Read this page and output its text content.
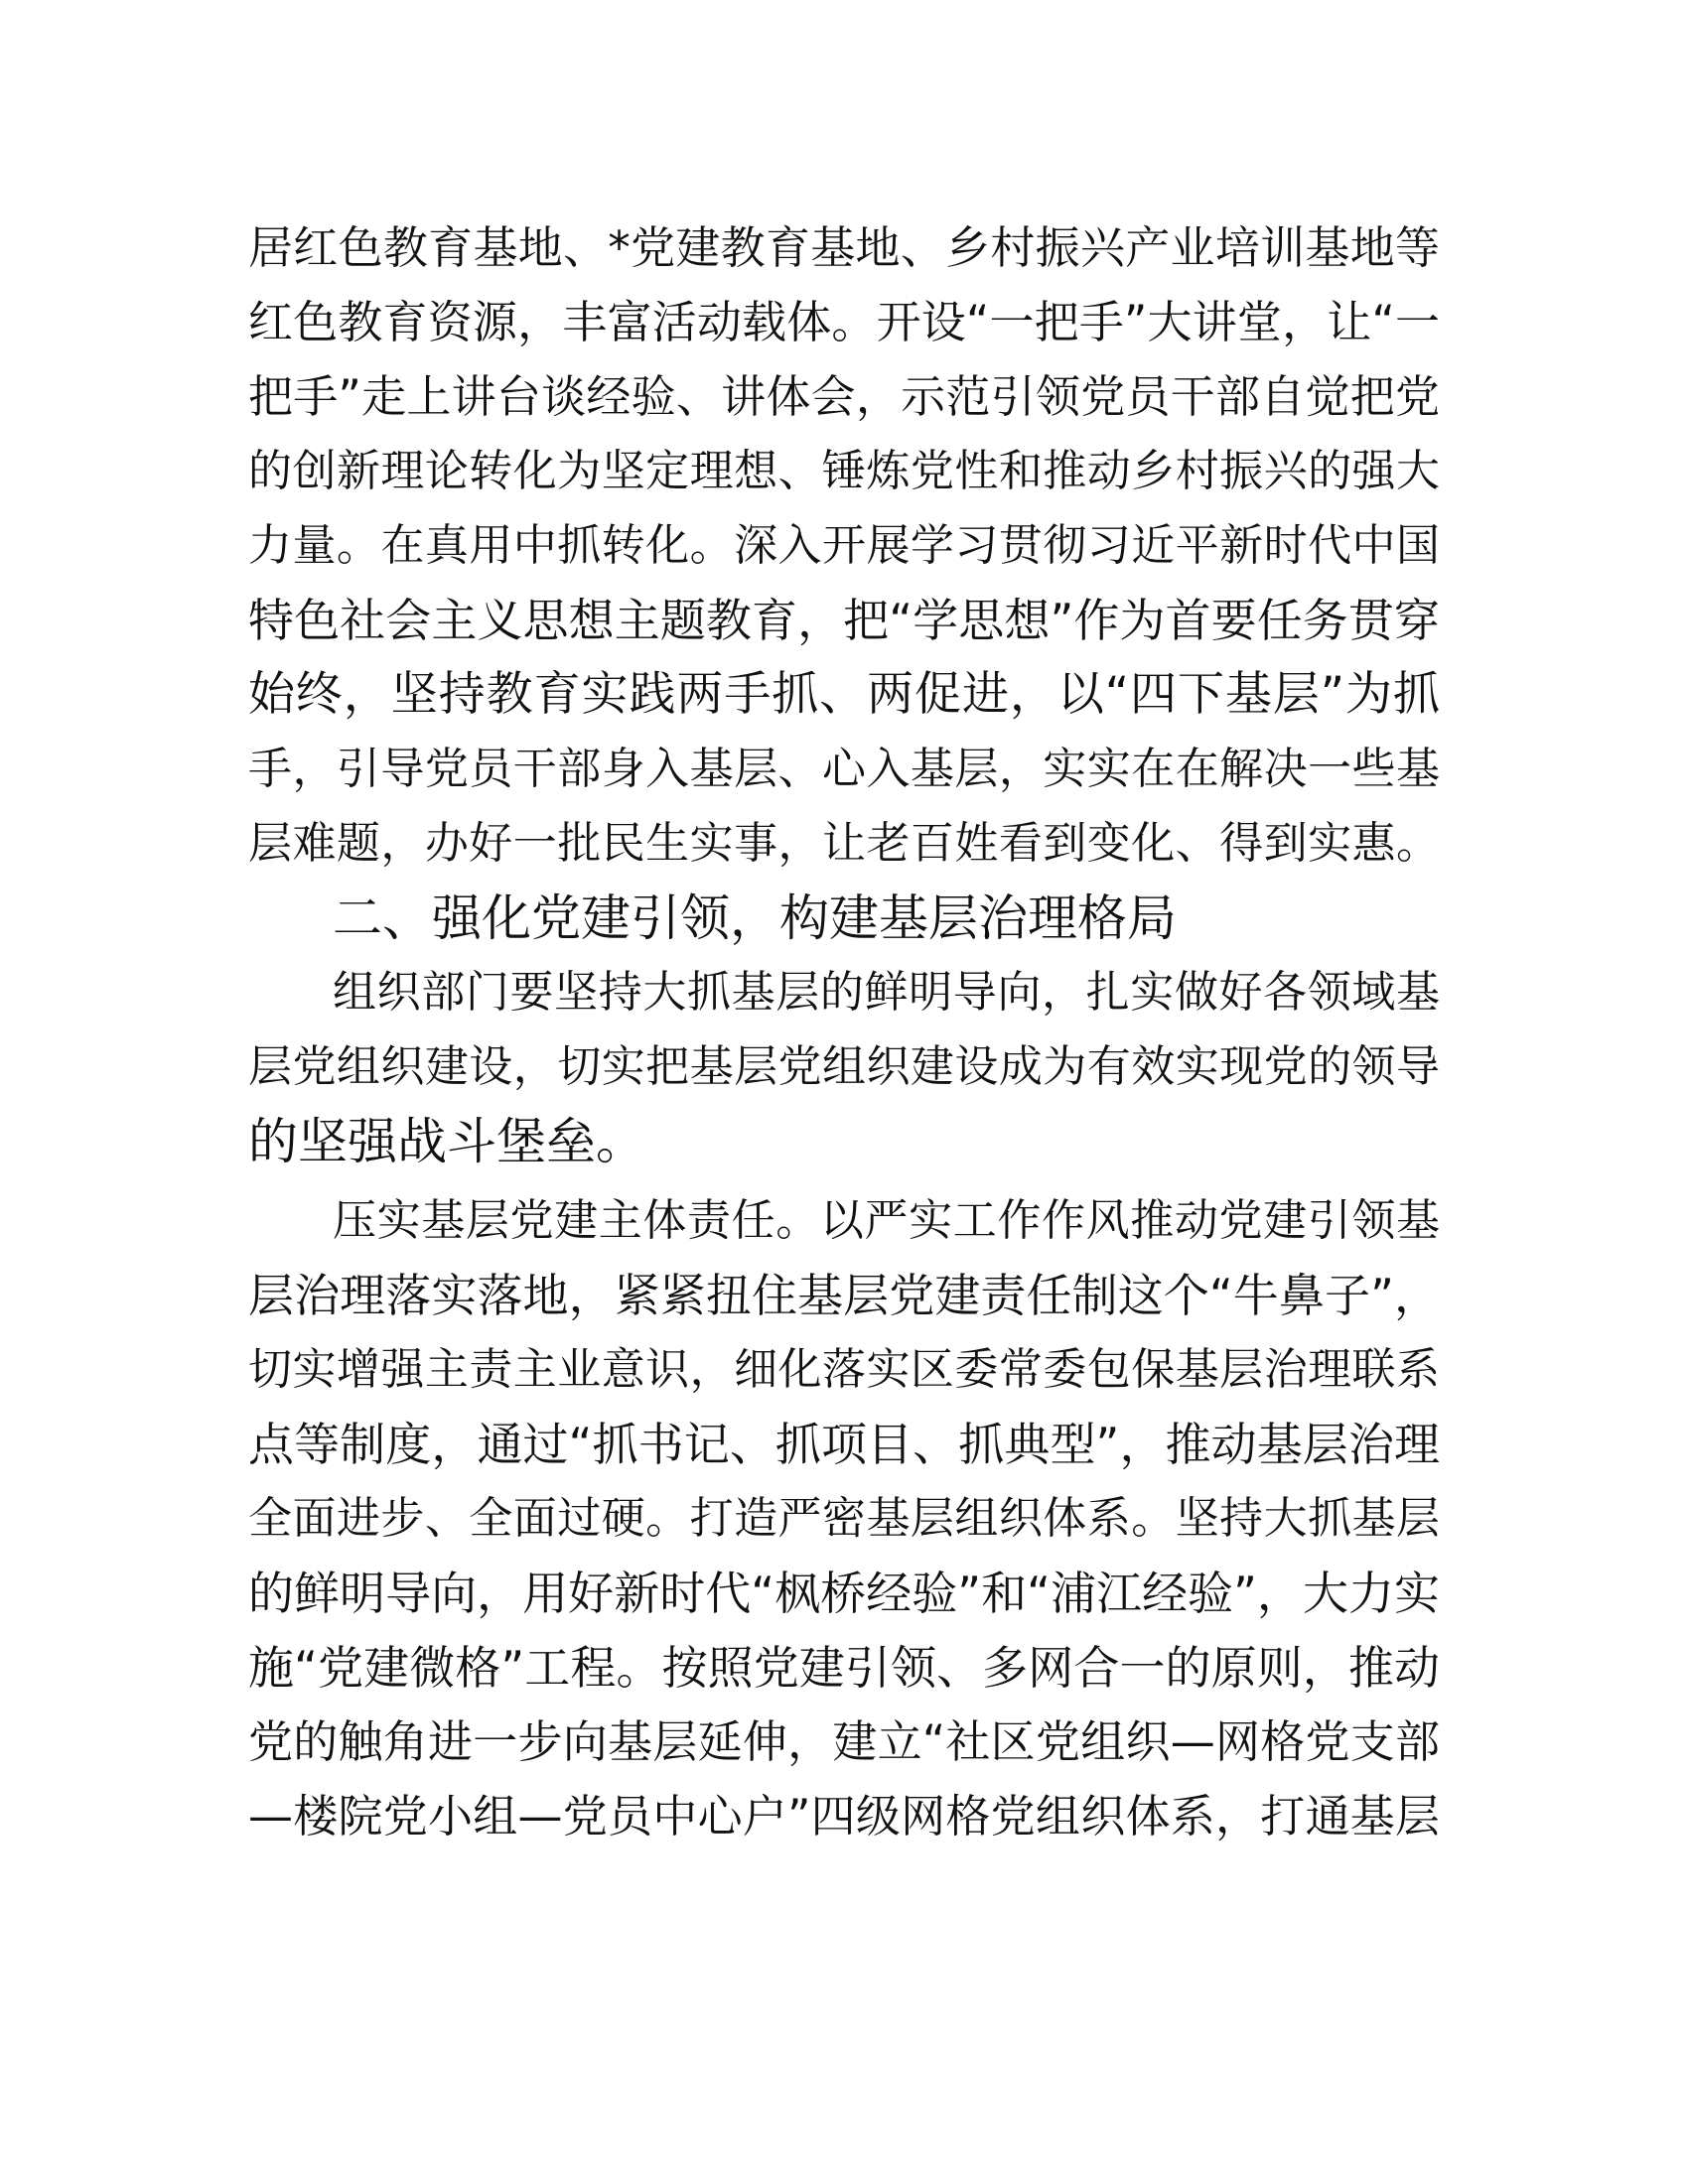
居红色教育基地、*党建教育基地、乡村振兴产业培训基地等
红色教育资源，丰富活动载体。开设“一把手”大讲堂，让“一
把手”走上讲台谈经验、讲体会，示范引领党员干部自觉把党
的创新理论转化为坚定理想、锤炼党性和推动乡村振兴的强大
力量。在真用中抓转化。深入开展学习贯彻习近平新时代中国
特色社会主义思想主题教育，把“学思想”作为首要任务贯穿
始终，坚持教育实践两手抓、两促进，以“四下基层”为抓
手，引导党员干部身入基层、心入基层，实实在在解决一些基
层难题，办好一批民生实事，让老百姓看到变化、得到实惠。
二、强化党建引领，构建基层治理格局
组织部门要坚持大抓基层的鲜明导向，扎实做好各领域基
层党组织建设，切实把基层党组织建设成为有效实现党的领导
的坚强战斗堡垒。
压实基层党建主体责任。以严实工作作风推动党建引领基
层治理落实落地，紧紧扭住基层党建责任制这个“牛鼻子”，
切实增强主责主业意识，细化落实区委常委包保基层治理联系
点等制度，通过“抓书记、抓项目、抓典型”，推动基层治理
全面进步、全面过硬。打造严密基层组织体系。坚持大抓基层
的鲜明导向，用好新时代“枫桥经验”和“浦江经验”，大力实
施“党建微格”工程。按照党建引领、多网合一的原则，推动
党的触角进一步向基层延伸，建立“社区党组织—网格党支部
—楼院党小组—党员中心户”四级网格党组织体系，打通基层
